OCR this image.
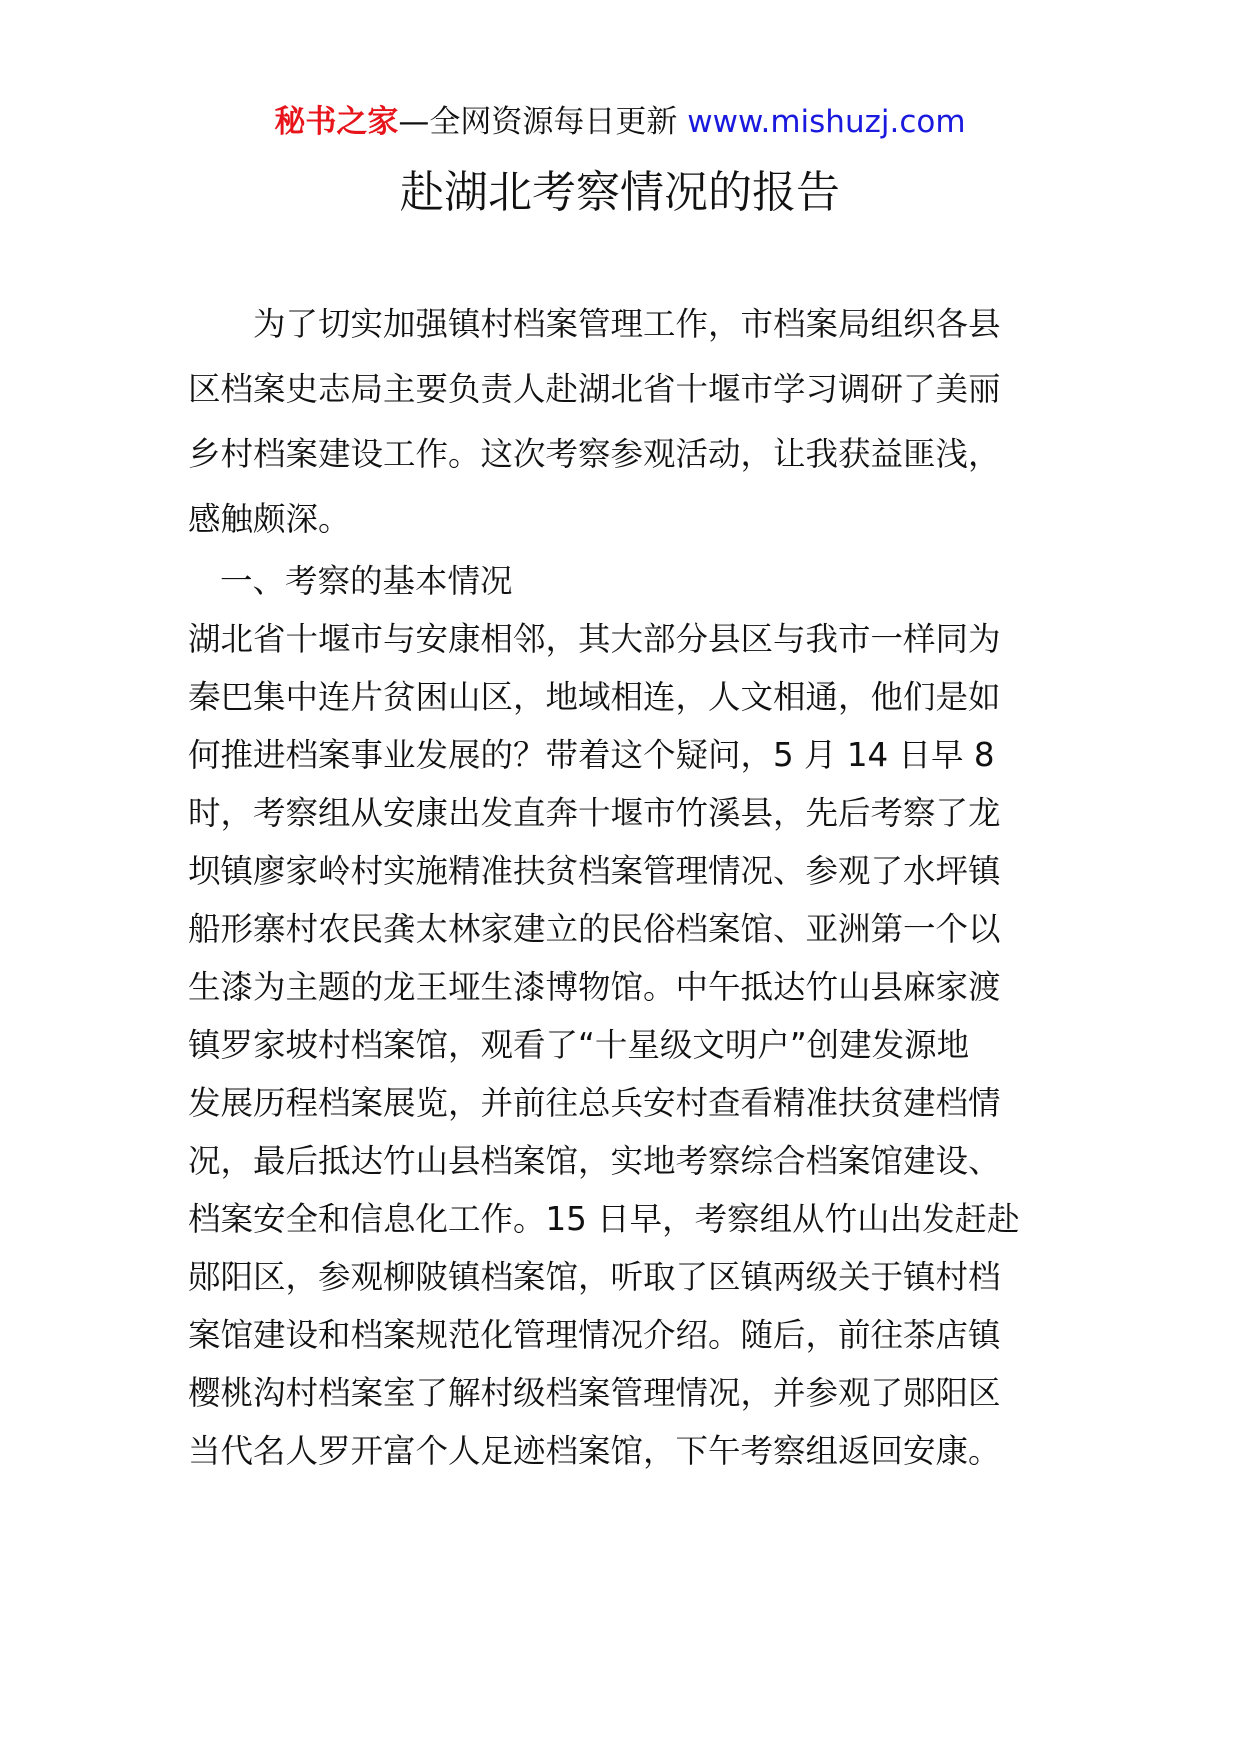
秘书之家—全网资源每日更新 www.mishuzj.com
赴湖北考察情况的报告
为了切实加强镇村档案管理工作，市档案局组织各县
区档案史志局主要负责人赴湖北省十堰市学习调研了美丽
乡村档案建设工作。这次考察参观活动，让我获益匪浅，
感触颇深。
一、考察的基本情况
湖北省十堰市与安康相邻，其大部分县区与我市一样同为
秦巴集中连片贫困山区，地域相连，人文相通，他们是如
何推进档案事业发展的？带着这个疑问，5 月 14 日早 8
时，考察组从安康出发直奔十堰市竹溪县，先后考察了龙
坝镇廖家岭村实施精准扶贫档案管理情况、参观了水坪镇
船形寨村农民龚太林家建立的民俗档案馆、亚洲第一个以
生漆为主题的龙王垭生漆博物馆。中午抵达竹山县麻家渡
镇罗家坡村档案馆，观看了“十星级文明户”创建发源地
发展历程档案展览，并前往总兵安村查看精准扶贫建档情
况，最后抵达竹山县档案馆，实地考察综合档案馆建设、
档案安全和信息化工作。15 日早，考察组从竹山出发赶赴
郧阳区，参观柳陂镇档案馆，听取了区镇两级关于镇村档
案馆建设和档案规范化管理情况介绍。随后，前往茶店镇
樱桃沟村档案室了解村级档案管理情况，并参观了郧阳区
当代名人罗开富个人足迹档案馆，下午考察组返回安康。
